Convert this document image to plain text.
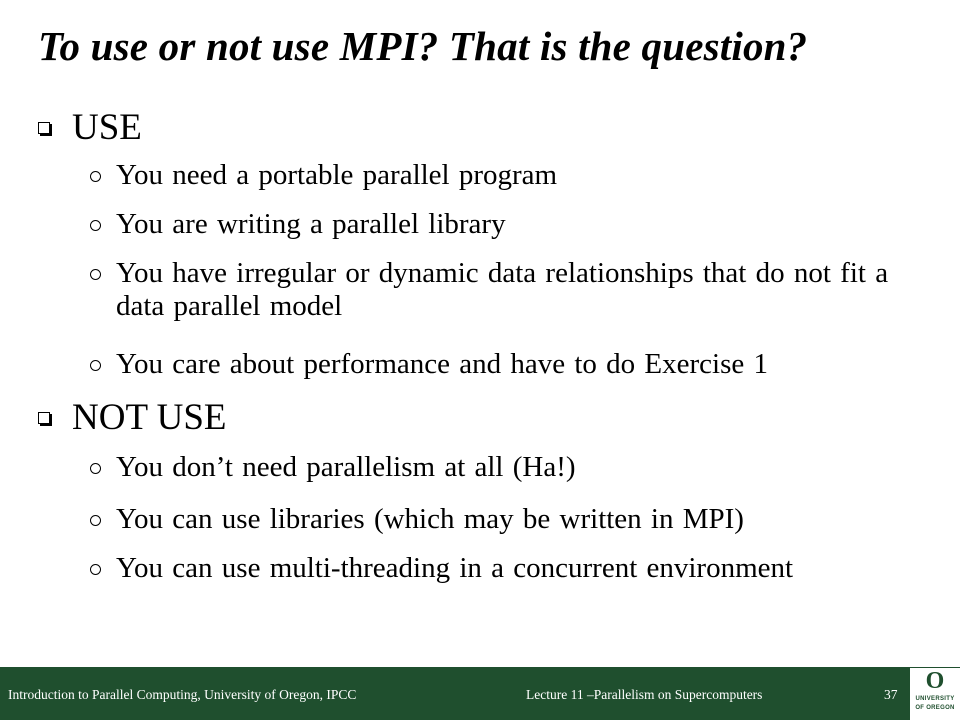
To use or not use MPI? That is the question?
USE
You need a portable parallel program
You are writing a parallel library
You have irregular or dynamic data relationships that do not fit a data parallel model
You care about performance and have to do Exercise 1
NOT USE
You don’t need parallelism at all (Ha!)
You can use libraries (which may be written in MPI)
You can use multi-threading in a concurrent environment
Introduction to Parallel Computing, University of Oregon, IPCC	Lecture 11 –Parallelism on Supercomputers	37
O
UNIVERSITY
OF OREGON
